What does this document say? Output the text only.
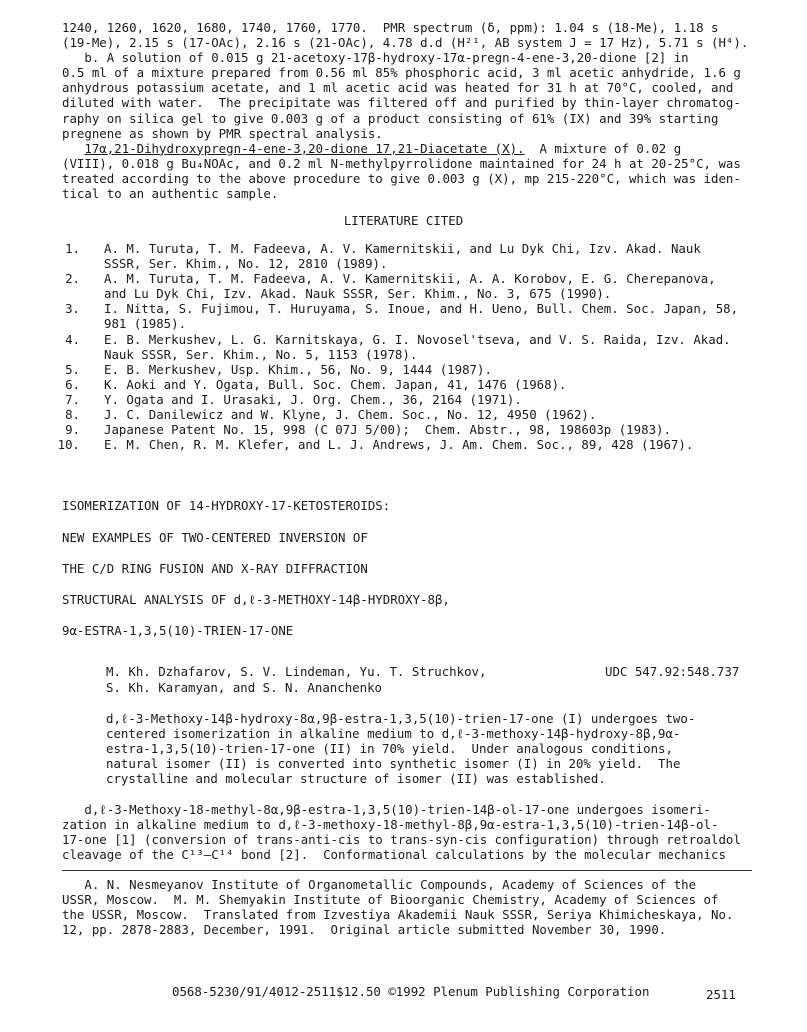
1240, 1260, 1620, 1680, 1740, 1760, 1770.  PMR spectrum (δ, ppm): 1.04 s (18-Me), 1.18 s
(19-Me), 2.15 s (17-OAc), 2.16 s (21-OAc), 4.78 d.d (H²¹, AB system J = 17 Hz), 5.71 s (H⁴).
b. A solution of 0.015 g 21-acetoxy-17β-hydroxy-17α-pregn-4-ene-3,20-dione [2] in
0.5 ml of a mixture prepared from 0.56 ml 85% phosphoric acid, 3 ml acetic anhydride, 1.6 g
anhydrous potassium acetate, and 1 ml acetic acid was heated for 31 h at 70°C, cooled, and
diluted with water.  The precipitate was filtered off and purified by thin-layer chromatog-
raphy on silica gel to give 0.003 g of a product consisting of 61% (IX) and 39% starting
pregnene as shown by PMR spectral analysis.
17α,21-Dihydroxypregn-4-ene-3,20-dione 17,21-Diacetate (X).  A mixture of 0.02 g
(VIII), 0.018 g Bu₄NOAc, and 0.2 ml N-methylpyrrolidone maintained for 24 h at 20-25°C, was
treated according to the above procedure to give 0.003 g (X), mp 215-220°C, which was iden-
tical to an authentic sample.
LITERATURE CITED
1. A. M. Turuta, T. M. Fadeeva, A. V. Kamernitskii, and Lu Dyk Chi, Izv. Akad. Nauk
SSSR, Ser. Khim., No. 12, 2810 (1989).
2. A. M. Turuta, T. M. Fadeeva, A. V. Kamernitskii, A. A. Korobov, E. G. Cherepanova,
and Lu Dyk Chi, Izv. Akad. Nauk SSSR, Ser. Khim., No. 3, 675 (1990).
3. I. Nitta, S. Fujimou, T. Huruyama, S. Inoue, and H. Ueno, Bull. Chem. Soc. Japan, 58,
981 (1985).
4. E. B. Merkushev, L. G. Karnitskaya, G. I. Novosel'tseva, and V. S. Raida, Izv. Akad.
Nauk SSSR, Ser. Khim., No. 5, 1153 (1978).
5. E. B. Merkushev, Usp. Khim., 56, No. 9, 1444 (1987).
6. K. Aoki and Y. Ogata, Bull. Soc. Chem. Japan, 41, 1476 (1968).
7. Y. Ogata and I. Urasaki, J. Org. Chem., 36, 2164 (1971).
8. J. C. Danilewicz and W. Klyne, J. Chem. Soc., No. 12, 4950 (1962).
9. Japanese Patent No. 15, 998 (C 07J 5/00);  Chem. Abstr., 98, 198603p (1983).
10. E. M. Chen, R. M. Klefer, and L. J. Andrews, J. Am. Chem. Soc., 89, 428 (1967).
ISOMERIZATION OF 14-HYDROXY-17-KETOSTEROIDS:
NEW EXAMPLES OF TWO-CENTERED INVERSION OF
THE C/D RING FUSION AND X-RAY DIFFRACTION
STRUCTURAL ANALYSIS OF d,ℓ-3-METHOXY-14β-HYDROXY-8β,
9α-ESTRA-1,3,5(10)-TRIEN-17-ONE
M. Kh. Dzhafarov, S. V. Lindeman, Yu. T. Struchkov,
S. Kh. Karamyan, and S. N. Ananchenko
UDC 547.92:548.737
d,ℓ-3-Methoxy-14β-hydroxy-8α,9β-estra-1,3,5(10)-trien-17-one (I) undergoes two-
centered isomerization in alkaline medium to d,ℓ-3-methoxy-14β-hydroxy-8β,9α-
estra-1,3,5(10)-trien-17-one (II) in 70% yield.  Under analogous conditions,
natural isomer (II) is converted into synthetic isomer (I) in 20% yield.  The
crystalline and molecular structure of isomer (II) was established.
d,ℓ-3-Methoxy-18-methyl-8α,9β-estra-1,3,5(10)-trien-14β-ol-17-one undergoes isomeri-
zation in alkaline medium to d,ℓ-3-methoxy-18-methyl-8β,9α-estra-1,3,5(10)-trien-14β-ol-
17-one [1] (conversion of trans-anti-cis to trans-syn-cis configuration) through retroaldol
cleavage of the C¹³—C¹⁴ bond [2].  Conformational calculations by the molecular mechanics
A. N. Nesmeyanov Institute of Organometallic Compounds, Academy of Sciences of the
USSR, Moscow.  M. M. Shemyakin Institute of Bioorganic Chemistry, Academy of Sciences of
the USSR, Moscow.  Translated from Izvestiya Akademii Nauk SSSR, Seriya Khimicheskaya, No.
12, pp. 2878-2883, December, 1991.  Original article submitted November 30, 1990.
0568-5230/91/4012-2511$12.50 ©1992 Plenum Publishing Corporation	2511
